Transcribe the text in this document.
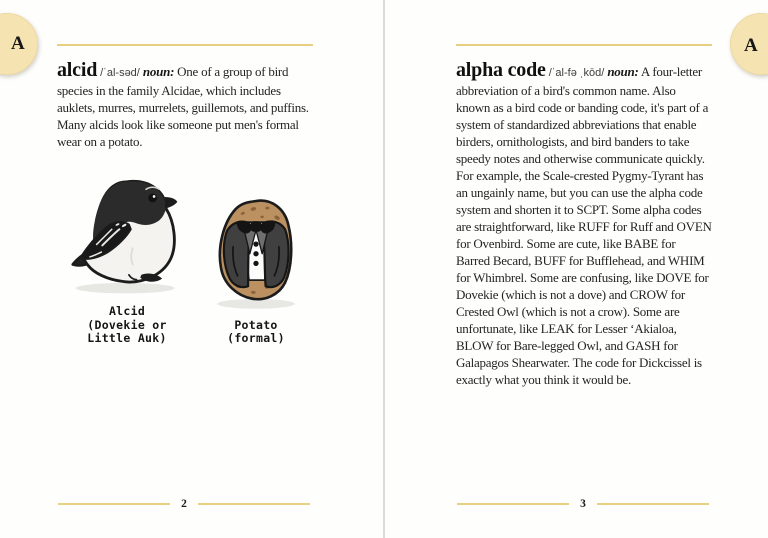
A

alcid /ˈal-səd/ noun: One of a group of bird species in the family Alcidae, which includes auklets, murres, murrelets, guillemots, and puffins. Many alcids look like someone put men's formal wear on a potato.

Alcid
(Dovekie or
Little Auk)
Potato
(formal)
2
A

alpha code /ˈal-fə ˌkōd/ noun: A four-letter abbreviation of a bird's common name. Also known as a bird code or banding code, it's part of a system of standardized abbreviations that enable birders, ornithologists, and bird banders to take speedy notes and otherwise communicate quickly. For example, the Scale-crested Pygmy-Tyrant has an ungainly name, but you can use the alpha code system and shorten it to SCPT. Some alpha codes are straightforward, like RUFF for Ruff and OVEN for Ovenbird. Some are cute, like BABE for Barred Becard, BUFF for Bufflehead, and WHIM for Whimbrel. Some are confusing, like DOVE for Dovekie (which is not a dove) and CROW for Crested Owl (which is not a crow). Some are unfortunate, like LEAK for Lesser ʻAkialoa, BLOW for Bare-legged Owl, and GASH for Galapagos Shearwater. The code for Dickcissel is exactly what you think it would be.

3
